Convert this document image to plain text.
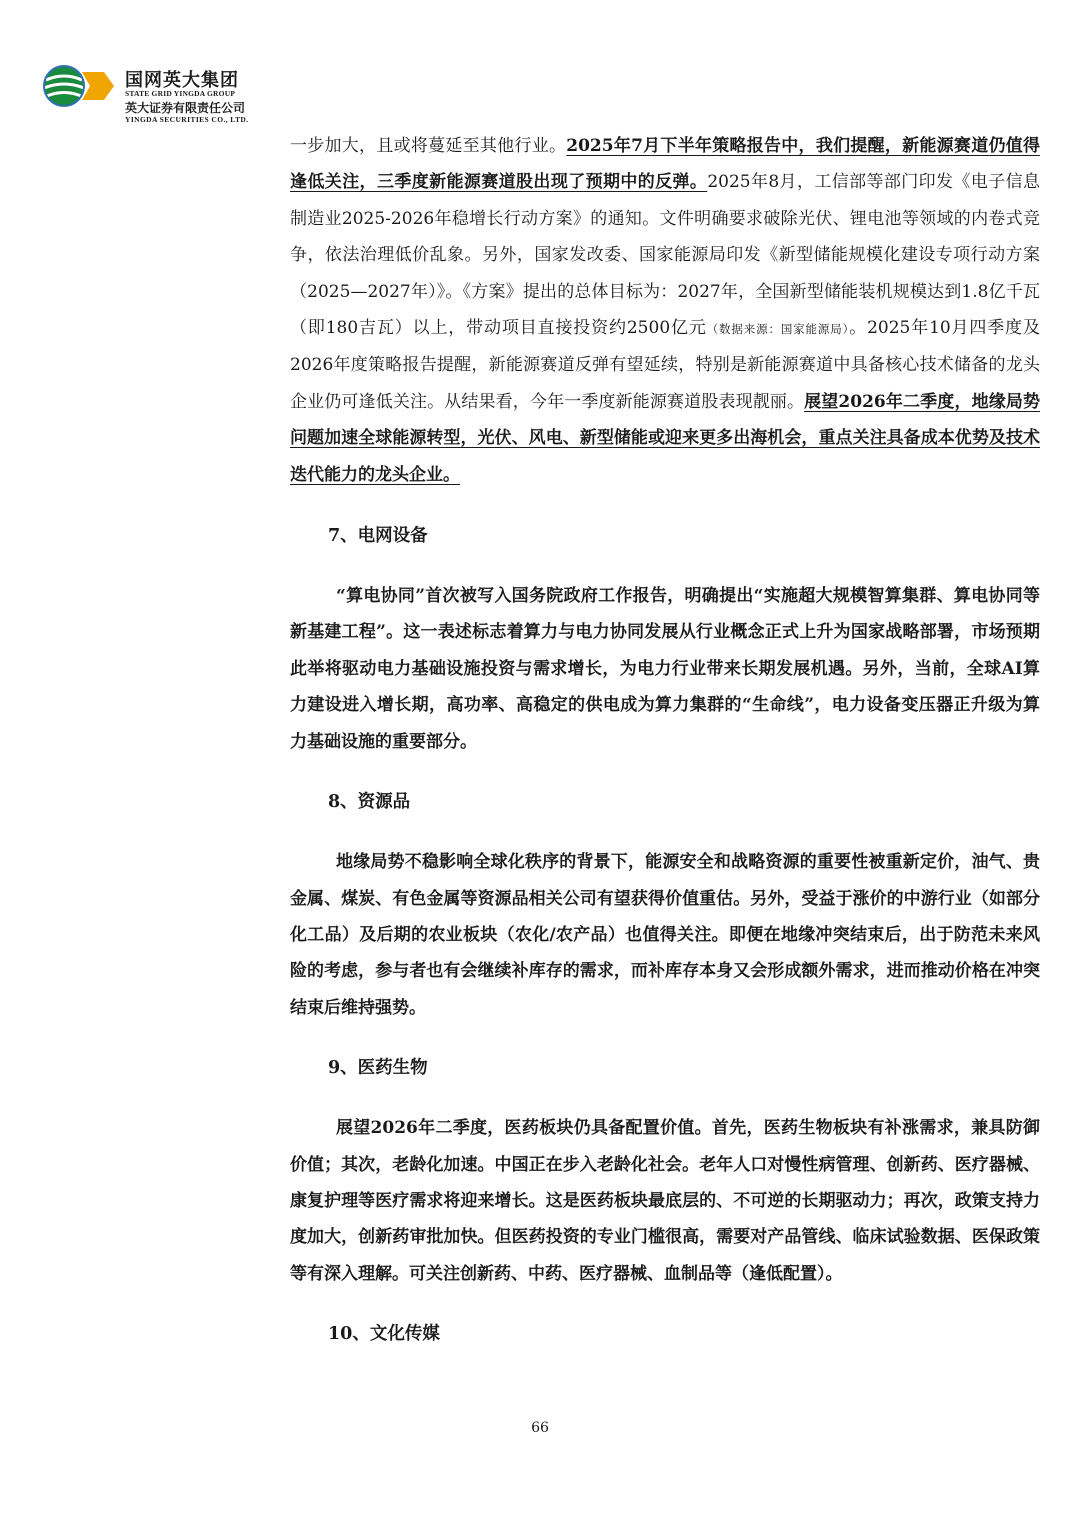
国网英大集团
STATE GRID YINGDA GROUP
英大证券有限责任公司
YINGDA SECURITIES CO., LTD.

一步加大，且或将蔓延至其他行业。2025年7月下半年策略报告中，我们提醒，新能源赛道仍值得逢低关注，三季度新能源赛道股出现了预期中的反弹。2025年8月，工信部等部门印发《电子信息制造业2025-2026年稳增长行动方案》的通知。文件明确要求破除光伏、锂电池等领域的内卷式竞争，依法治理低价乱象。另外，国家发改委、国家能源局印发《新型储能规模化建设专项行动方案（2025—2027年）》。《方案》提出的总体目标为：2027年，全国新型储能装机规模达到1.8亿千瓦（即180吉瓦）以上，带动项目直接投资约2500亿元（数据来源：国家能源局）。2025年10月四季度及2026年度策略报告提醒，新能源赛道反弹有望延续，特别是新能源赛道中具备核心技术储备的龙头企业仍可逢低关注。从结果看，今年一季度新能源赛道股表现靓丽。展望2026年二季度，地缘局势问题加速全球能源转型，光伏、风电、新型储能或迎来更多出海机会，重点关注具备成本优势及技术迭代能力的龙头企业。

7、电网设备

“算电协同”首次被写入国务院政府工作报告，明确提出“实施超大规模智算集群、算电协同等新基建工程”。这一表述标志着算力与电力协同发展从行业概念正式上升为国家战略部署，市场预期此举将驱动电力基础设施投资与需求增长，为电力行业带来长期发展机遇。另外，当前，全球AI算力建设进入增长期，高功率、高稳定的供电成为算力集群的“生命线”，电力设备变压器正升级为算力基础设施的重要部分。

8、资源品

地缘局势不稳影响全球化秩序的背景下，能源安全和战略资源的重要性被重新定价，油气、贵金属、煤炭、有色金属等资源品相关公司有望获得价值重估。另外，受益于涨价的中游行业（如部分化工品）及后期的农业板块（农化/农产品）也值得关注。即便在地缘冲突结束后，出于防范未来风险的考虑，参与者也有会继续补库存的需求，而补库存本身又会形成额外需求，进而推动价格在冲突结束后维持强势。

9、医药生物

展望2026年二季度，医药板块仍具备配置价值。首先，医药生物板块有补涨需求，兼具防御价值；其次，老龄化加速。中国正在步入老龄化社会。老年人口对慢性病管理、创新药、医疗器械、康复护理等医疗需求将迎来增长。这是医药板块最底层的、不可逆的长期驱动力；再次，政策支持力度加大，创新药审批加快。但医药投资的专业门槛很高，需要对产品管线、临床试验数据、医保政策等有深入理解。可关注创新药、中药、医疗器械、血制品等（逢低配置）。

10、文化传媒
66
